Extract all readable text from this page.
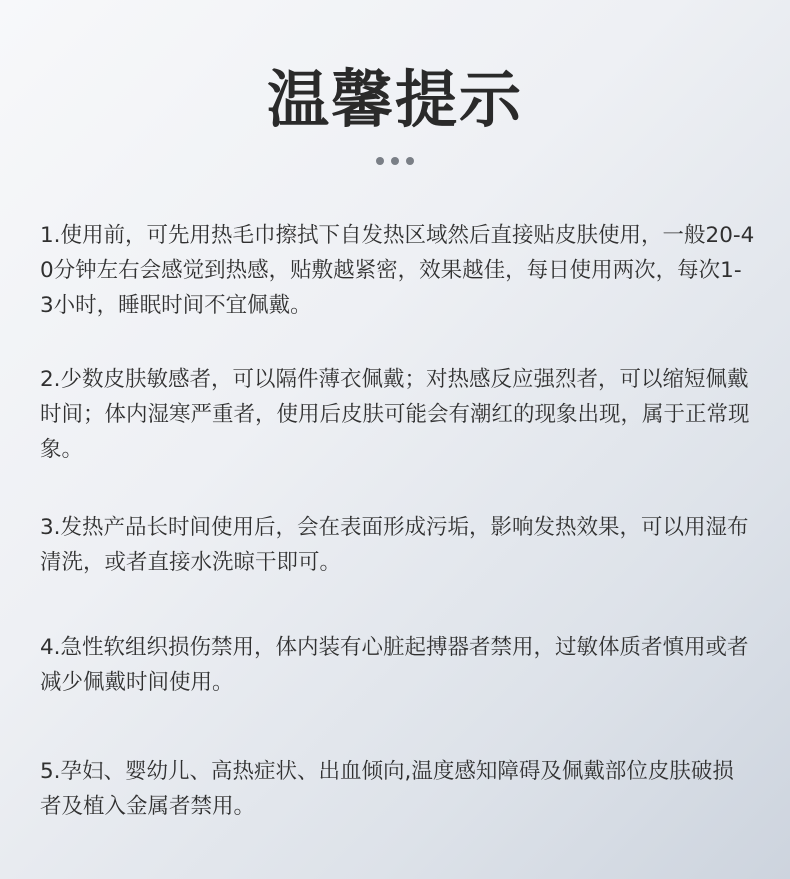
温馨提示
1.使用前，可先用热毛巾擦拭下自发热区域然后直接贴皮肤使用，一般20-40分钟左右会感觉到热感，贴敷越紧密，效果越佳，每日使用两次，每次1-3小时，睡眠时间不宜佩戴。
2.少数皮肤敏感者，可以隔件薄衣佩戴；对热感反应强烈者，可以缩短佩戴时间；体内湿寒严重者，使用后皮肤可能会有潮红的现象出现，属于正常现象。
3.发热产品长时间使用后，会在表面形成污垢，影响发热效果，可以用湿布清洗，或者直接水洗晾干即可。
4.急性软组织损伤禁用，体内装有心脏起搏器者禁用，过敏体质者慎用或者减少佩戴时间使用。
5.孕妇、婴幼儿、高热症状、出血倾向,温度感知障碍及佩戴部位皮肤破损者及植入金属者禁用。
